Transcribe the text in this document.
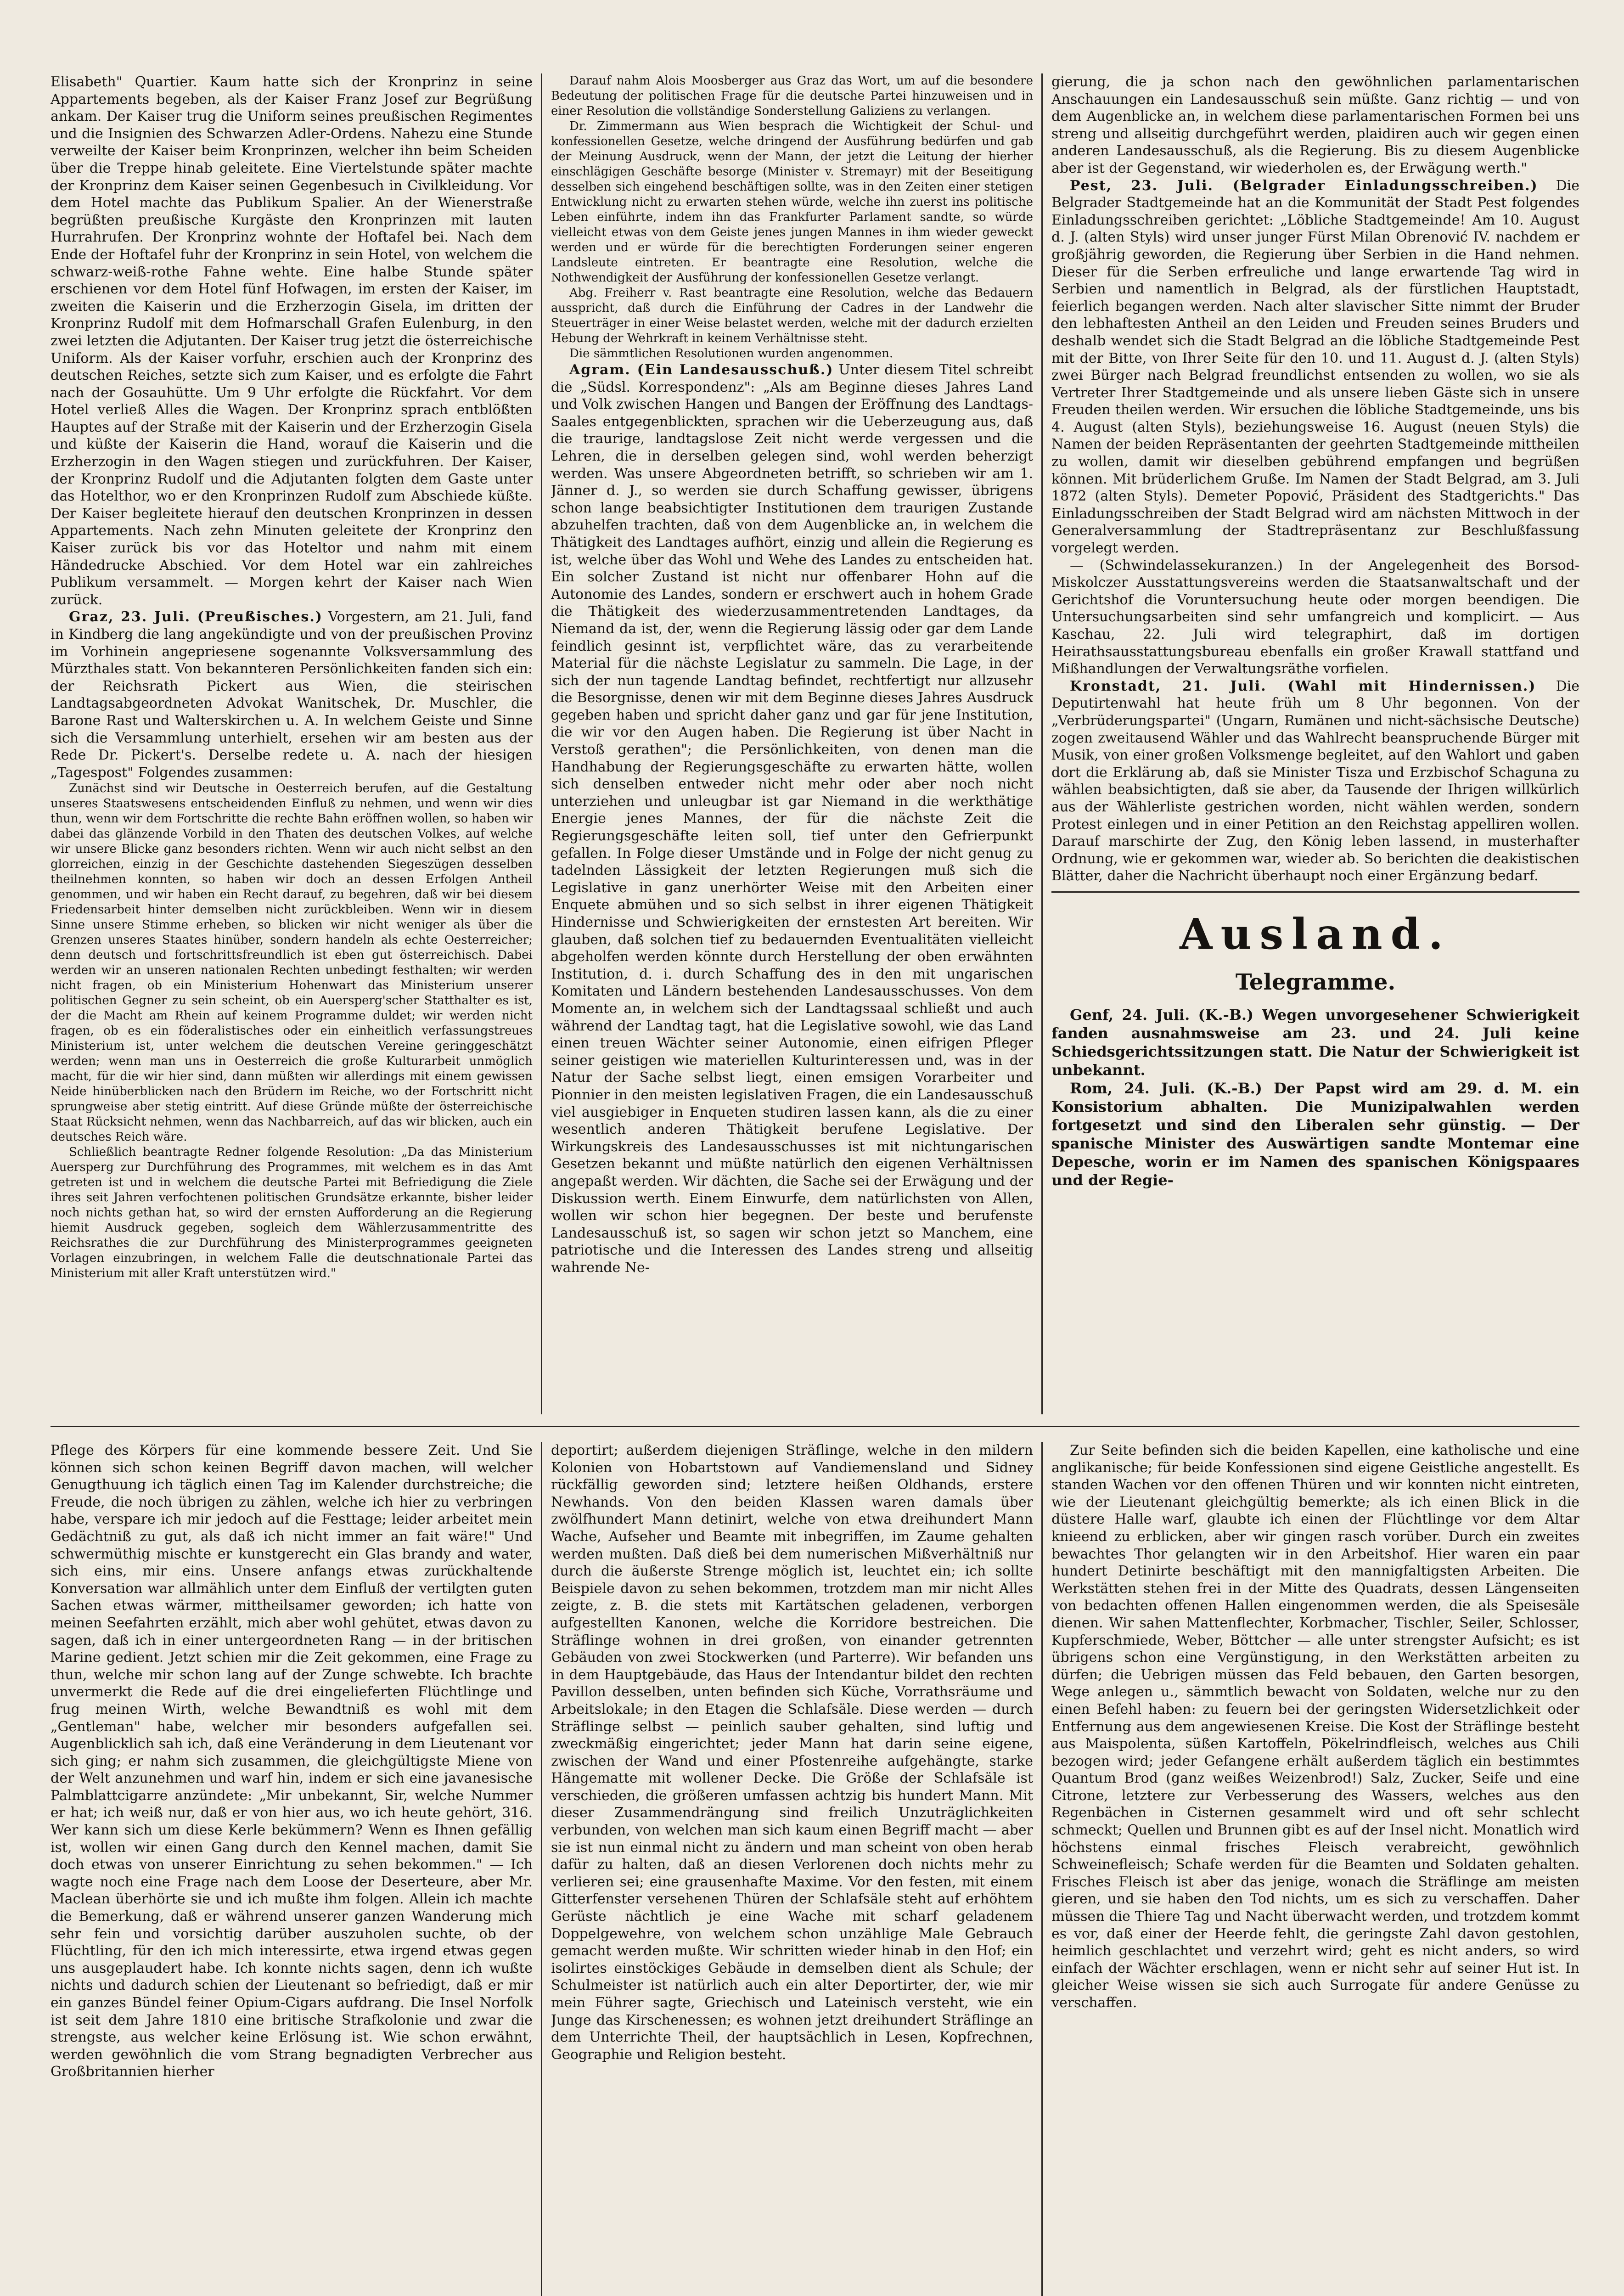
Elisabeth" Quartier. Kaum hatte sich der Kronprinz in seine Appartements begeben, als der Kaiser Franz Josef zur Begrüßung ankam. Der Kaiser trug die Uniform seines preußischen Regimentes und die Insignien des Schwarzen Adler-Ordens. Nahezu eine Stunde verweilte der Kaiser beim Kronprinzen, welcher ihn beim Scheiden über die Treppe hinab geleitete. Eine Viertelstunde später machte der Kronprinz dem Kaiser seinen Gegenbesuch in Civilkleidung. Vor dem Hotel machte das Publikum Spalier. An der Wienerstraße begrüßten preußische Kurgäste den Kronprinzen mit lauten Hurrahrufen. Der Kronprinz wohnte der Hoftafel bei. Nach dem Ende der Hoftafel fuhr der Kronprinz in sein Hotel, von welchem die schwarz-weiß-rothe Fahne wehte. Eine halbe Stunde später erschienen vor dem Hotel fünf Hofwagen, im ersten der Kaiser, im zweiten die Kaiserin und die Erzherzogin Gisela, im dritten der Kronprinz Rudolf mit dem Hofmarschall Grafen Eulenburg, in den zwei letzten die Adjutanten. Der Kaiser trug jetzt die österreichische Uniform. Als der Kaiser vorfuhr, erschien auch der Kronprinz des deutschen Reiches, setzte sich zum Kaiser, und es erfolgte die Fahrt nach der Gosauhütte. Um 9 Uhr erfolgte die Rückfahrt. Vor dem Hotel verließ Alles die Wagen. Der Kronprinz sprach entblößten Hauptes auf der Straße mit der Kaiserin und der Erzherzogin Gisela und küßte der Kaiserin die Hand, worauf die Kaiserin und die Erzherzogin in den Wagen stiegen und zurückfuhren. Der Kaiser, der Kronprinz Rudolf und die Adjutanten folgten dem Gaste unter das Hotelthor, wo er den Kronprinzen Rudolf zum Abschiede küßte. Der Kaiser begleitete hierauf den deutschen Kronprinzen in dessen Appartements. Nach zehn Minuten geleitete der Kronprinz den Kaiser zurück bis vor das Hoteltor und nahm mit einem Händedrucke Abschied. Vor dem Hotel war ein zahlreiches Publikum versammelt. — Morgen kehrt der Kaiser nach Wien zurück.

Graz, 23. Juli. (Preußisches.) Vorgestern, am 21. Juli, fand in Kindberg die lang angekündigte und von der preußischen Provinz im Vorhinein angepriesene sogenannte Volksversammlung des Mürzthales statt. Von bekannteren Persönlichkeiten fanden sich ein: der Reichsrath Pickert aus Wien, die steirischen Landtagsabgeordneten Advokat Wanitschek, Dr. Muschler, die Barone Rast und Walterskirchen u. A. In welchem Geiste und Sinne sich die Versammlung unterhielt, ersehen wir am besten aus der Rede Dr. Pickert's. Derselbe redete u. A. nach der hiesigen „Tagespost" Folgendes zusammen:

Zunächst sind wir Deutsche in Oesterreich berufen, auf die Gestaltung unseres Staatswesens entscheidenden Einfluß zu nehmen, und wenn wir dies thun, wenn wir dem Fortschritte die rechte Bahn eröffnen wollen, so haben wir dabei das glänzende Vorbild in den Thaten des deutschen Volkes, auf welche wir unsere Blicke ganz besonders richten. Wenn wir auch nicht selbst an den glorreichen, einzig in der Geschichte dastehenden Siegeszügen desselben theilnehmen konnten, so haben wir doch an dessen Erfolgen Antheil genommen, und wir haben ein Recht darauf, zu begehren, daß wir bei diesem Friedensarbeit hinter demselben nicht zurückbleiben. Wenn wir in diesem Sinne unsere Stimme erheben, so blicken wir nicht weniger als über die Grenzen unseres Staates hinüber, sondern handeln als echte Oesterreicher; denn deutsch und fortschrittsfreundlich ist eben gut österreichisch. Dabei werden wir an unseren nationalen Rechten unbedingt festhalten; wir werden nicht fragen, ob ein Ministerium Hohenwart das Ministerium unserer politischen Gegner zu sein scheint, ob ein Auersperg'scher Statthalter es ist, der die Macht am Rhein auf keinem Programme duldet; wir werden nicht fragen, ob es ein föderalistisches oder ein einheitlich verfassungstreues Ministerium ist, unter welchem die deutschen Vereine geringgeschätzt werden; wenn man uns in Oesterreich die große Kulturarbeit unmöglich macht, für die wir hier sind, dann müßten wir allerdings mit einem gewissen Neide hinüberblicken nach den Brüdern im Reiche, wo der Fortschritt nicht sprungweise aber stetig eintritt. Auf diese Gründe müßte der österreichische Staat Rücksicht nehmen, wenn das Nachbarreich, auf das wir blicken, auch ein deutsches Reich wäre.

Schließlich beantragte Redner folgende Resolution: „Da das Ministerium Auersperg zur Durchführung des Programmes, mit welchem es in das Amt getreten ist und in welchem die deutsche Partei mit Befriedigung die Ziele ihres seit Jahren verfochtenen politischen Grundsätze erkannte, bisher leider noch nichts gethan hat, so wird der ernsten Aufforderung an die Regierung hiemit Ausdruck gegeben, sogleich dem Wählerzusammentritte des Reichsrathes die zur Durchführung des Ministerprogrammes geeigneten Vorlagen einzubringen, in welchem Falle die deutschnationale Partei das Ministerium mit aller Kraft unterstützen wird."

Darauf nahm Alois Moosberger aus Graz das Wort, um auf die besondere Bedeutung der politischen Frage für die deutsche Partei hinzuweisen und in einer Resolution die vollständige Sonderstellung Galiziens zu verlangen.

Dr. Zimmermann aus Wien besprach die Wichtigkeit der Schul- und konfessionellen Gesetze, welche dringend der Ausführung bedürfen und gab der Meinung Ausdruck, wenn der Mann, der jetzt die Leitung der hierher einschlägigen Geschäfte besorge (Minister v. Stremayr) mit der Beseitigung desselben sich eingehend beschäftigen sollte, was in den Zeiten einer stetigen Entwicklung nicht zu erwarten stehen würde, welche ihn zuerst ins politische Leben einführte, indem ihn das Frankfurter Parlament sandte, so würde vielleicht etwas von dem Geiste jenes jungen Mannes in ihm wieder geweckt werden und er würde für die berechtigten Forderungen seiner engeren Landsleute eintreten. Er beantragte eine Resolution, welche die Nothwendigkeit der Ausführung der konfessionellen Gesetze verlangt.

Abg. Freiherr v. Rast beantragte eine Resolution, welche das Bedauern ausspricht, daß durch die Einführung der Cadres in der Landwehr die Steuerträger in einer Weise belastet werden, welche mit der dadurch erzielten Hebung der Wehrkraft in keinem Verhältnisse steht.

Die sämmtlichen Resolutionen wurden angenommen.

Agram. (Ein Landesausschuß.) Unter diesem Titel schreibt die „Südsl. Korrespondenz": „Als am Beginne dieses Jahres Land und Volk zwischen Hangen und Bangen der Eröffnung des Landtags-Saales entgegenblickten, sprachen wir die Ueberzeugung aus, daß die traurige, landtagslose Zeit nicht werde vergessen und die Lehren, die in derselben gelegen sind, wohl werden beherzigt werden. Was unsere Abgeordneten betrifft, so schrieben wir am 1. Jänner d. J., so werden sie durch Schaffung gewisser, übrigens schon lange beabsichtigter Institutionen dem traurigen Zustande abzuhelfen trachten, daß von dem Augenblicke an, in welchem die Thätigkeit des Landtages aufhört, einzig und allein die Regierung es ist, welche über das Wohl und Wehe des Landes zu entscheiden hat. Ein solcher Zustand ist nicht nur offenbarer Hohn auf die Autonomie des Landes, sondern er erschwert auch in hohem Grade die Thätigkeit des wiederzusammentretenden Landtages, da Niemand da ist, der, wenn die Regierung lässig oder gar dem Lande feindlich gesinnt ist, verpflichtet wäre, das zu verarbeitende Material für die nächste Legislatur zu sammeln. Die Lage, in der sich der nun tagende Landtag befindet, rechtfertigt nur allzusehr die Besorgnisse, denen wir mit dem Beginne dieses Jahres Ausdruck gegeben haben und spricht daher ganz und gar für jene Institution, die wir vor den Augen haben. Die Regierung ist über Nacht in Verstoß gerathen"; die Persönlichkeiten, von denen man die Handhabung der Regierungsgeschäfte zu erwarten hätte, wollen sich denselben entweder nicht mehr oder aber noch nicht unterziehen und unleugbar ist gar Niemand in die werkthätige Energie jenes Mannes, der für die nächste Zeit die Regierungsgeschäfte leiten soll, tief unter den Gefrierpunkt gefallen. In Folge dieser Umstände und in Folge der nicht genug zu tadelnden Lässigkeit der letzten Regierungen muß sich die Legislative in ganz unerhörter Weise mit den Arbeiten einer Enquete abmühen und so sich selbst in ihrer eigenen Thätigkeit Hindernisse und Schwierigkeiten der ernstesten Art bereiten. Wir glauben, daß solchen tief zu bedauernden Eventualitäten vielleicht abgeholfen werden könnte durch Herstellung der oben erwähnten Institution, d. i. durch Schaffung des in den mit ungarischen Komitaten und Ländern bestehenden Landesausschusses. Von dem Momente an, in welchem sich der Landtagssaal schließt und auch während der Landtag tagt, hat die Legislative sowohl, wie das Land einen treuen Wächter seiner Autonomie, einen eifrigen Pfleger seiner geistigen wie materiellen Kulturinteressen und, was in der Natur der Sache selbst liegt, einen emsigen Vorarbeiter und Pionnier in den meisten legislativen Fragen, die ein Landesausschuß viel ausgiebiger in Enqueten studiren lassen kann, als die zu einer wesentlich anderen Thätigkeit berufene Legislative. Der Wirkungskreis des Landesausschusses ist mit nichtungarischen Gesetzen bekannt und müßte natürlich den eigenen Verhältnissen angepaßt werden. Wir dächten, die Sache sei der Erwägung und der Diskussion werth. Einem Einwurfe, dem natürlichsten von Allen, wollen wir schon hier begegnen. Der beste und berufenste Landesausschuß ist, so sagen wir schon jetzt so Manchem, eine patriotische und die Interessen des Landes streng und allseitig wahrende Ne-

gierung, die ja schon nach den gewöhnlichen parlamentarischen Anschauungen ein Landesausschuß sein müßte. Ganz richtig — und von dem Augenblicke an, in welchem diese parlamentarischen Formen bei uns streng und allseitig durchgeführt werden, plaidiren auch wir gegen einen anderen Landesausschuß, als die Regierung. Bis zu diesem Augenblicke aber ist der Gegenstand, wir wiederholen es, der Erwägung werth."

Pest, 23. Juli. (Belgrader Einladungsschreiben.) Die Belgrader Stadtgemeinde hat an die Kommunität der Stadt Pest folgendes Einladungsschreiben gerichtet: „Löbliche Stadtgemeinde! Am 10. August d. J. (alten Styls) wird unser junger Fürst Milan Obrenović IV. nachdem er großjährig geworden, die Regierung über Serbien in die Hand nehmen. Dieser für die Serben erfreuliche und lange erwartende Tag wird in Serbien und namentlich in Belgrad, als der fürstlichen Hauptstadt, feierlich begangen werden. Nach alter slavischer Sitte nimmt der Bruder den lebhaftesten Antheil an den Leiden und Freuden seines Bruders und deshalb wendet sich die Stadt Belgrad an die löbliche Stadtgemeinde Pest mit der Bitte, von Ihrer Seite für den 10. und 11. August d. J. (alten Styls) zwei Bürger nach Belgrad freundlichst entsenden zu wollen, wo sie als Vertreter Ihrer Stadtgemeinde und als unsere lieben Gäste sich in unsere Freuden theilen werden. Wir ersuchen die löbliche Stadtgemeinde, uns bis 4. August (alten Styls), beziehungsweise 16. August (neuen Styls) die Namen der beiden Repräsentanten der geehrten Stadtgemeinde mittheilen zu wollen, damit wir dieselben gebührend empfangen und begrüßen können. Mit brüderlichem Gruße. Im Namen der Stadt Belgrad, am 3. Juli 1872 (alten Styls). Demeter Popović, Präsident des Stadtgerichts." Das Einladungsschreiben der Stadt Belgrad wird am nächsten Mittwoch in der Generalversammlung der Stadtrepräsentanz zur Beschlußfassung vorgelegt werden.

— (Schwindelassekuranzen.) In der Angelegenheit des Borsod-Miskolczer Ausstattungsvereins werden die Staatsanwaltschaft und der Gerichtshof die Voruntersuchung heute oder morgen beendigen. Die Untersuchungsarbeiten sind sehr umfangreich und komplicirt. — Aus Kaschau, 22. Juli wird telegraphirt, daß im dortigen Heirathsausstattungsbureau ebenfalls ein großer Krawall stattfand und Mißhandlungen der Verwaltungsräthe vorfielen.

Kronstadt, 21. Juli. (Wahl mit Hindernissen.) Die Deputirtenwahl hat heute früh um 8 Uhr begonnen. Von der „Verbrüderungspartei" (Ungarn, Rumänen und nicht-sächsische Deutsche) zogen zweitausend Wähler und das Wahlrecht beanspruchende Bürger mit Musik, von einer großen Volksmenge begleitet, auf den Wahlort und gaben dort die Erklärung ab, daß sie Minister Tisza und Erzbischof Schaguna zu wählen beabsichtigten, daß sie aber, da Tausende der Ihrigen willkürlich aus der Wählerliste gestrichen worden, nicht wählen werden, sondern Protest einlegen und in einer Petition an den Reichstag appelliren wollen. Darauf marschirte der Zug, den König leben lassend, in musterhafter Ordnung, wie er gekommen war, wieder ab. So berichten die deakistischen Blätter, daher die Nachricht überhaupt noch einer Ergänzung bedarf.

Ausland.

Telegramme.

Genf, 24. Juli. (K.-B.) Wegen unvorgesehener Schwierigkeit fanden ausnahmsweise am 23. und 24. Juli keine Schiedsgerichtssitzungen statt. Die Natur der Schwierigkeit ist unbekannt.

Rom, 24. Juli. (K.-B.) Der Papst wird am 29. d. M. ein Konsistorium abhalten. Die Munizipalwahlen werden fortgesetzt und sind den Liberalen sehr günstig. — Der spanische Minister des Auswärtigen sandte Montemar eine Depesche, worin er im Namen des spanischen Königspaares und der Regie-

Pflege des Körpers für eine kommende bessere Zeit. Und Sie können sich schon keinen Begriff davon machen, will welcher Genugthuung ich täglich einen Tag im Kalender durchstreiche; die Freude, die noch übrigen zu zählen, welche ich hier zu verbringen habe, verspare ich mir jedoch auf die Festtage; leider arbeitet mein Gedächtniß zu gut, als daß ich nicht immer an fait wäre!" Und schwermüthig mischte er kunstgerecht ein Glas brandy and water, sich eins, mir eins. Unsere anfangs etwas zurückhaltende Konversation war allmählich unter dem Einfluß der vertilgten guten Sachen etwas wärmer, mittheilsamer geworden; ich hatte von meinen Seefahrten erzählt, mich aber wohl gehütet, etwas davon zu sagen, daß ich in einer untergeordneten Rang — in der britischen Marine gedient. Jetzt schien mir die Zeit gekommen, eine Frage zu thun, welche mir schon lang auf der Zunge schwebte. Ich brachte unvermerkt die Rede auf die drei eingelieferten Flüchtlinge und frug meinen Wirth, welche Bewandtniß es wohl mit dem „Gentleman" habe, welcher mir besonders aufgefallen sei. Augenblicklich sah ich, daß eine Veränderung in dem Lieutenant vor sich ging; er nahm sich zusammen, die gleichgültigste Miene von der Welt anzunehmen und warf hin, indem er sich eine javanesische Palmblattcigarre anzündete: „Mir unbekannt, Sir, welche Nummer er hat; ich weiß nur, daß er von hier aus, wo ich heute gehört, 316. Wer kann sich um diese Kerle bekümmern? Wenn es Ihnen gefällig ist, wollen wir einen Gang durch den Kennel machen, damit Sie doch etwas von unserer Einrichtung zu sehen bekommen." — Ich wagte noch eine Frage nach dem Loose der Deserteure, aber Mr. Maclean überhörte sie und ich mußte ihm folgen. Allein ich machte die Bemerkung, daß er während unserer ganzen Wanderung mich sehr fein und vorsichtig darüber auszuholen suchte, ob der Flüchtling, für den ich mich interessirte, etwa irgend etwas gegen uns ausgeplaudert habe. Ich konnte nichts sagen, denn ich wußte nichts und dadurch schien der Lieutenant so befriedigt, daß er mir ein ganzes Bündel feiner Opium-Cigars aufdrang. Die Insel Norfolk ist seit dem Jahre 1810 eine britische Strafkolonie und zwar die strengste, aus welcher keine Erlösung ist. Wie schon erwähnt, werden gewöhnlich die vom Strang begnadigten Verbrecher aus Großbritannien hierher

deportirt; außerdem diejenigen Sträflinge, welche in den mildern Kolonien von Hobartstown auf Vandiemensland und Sidney rückfällig geworden sind; letztere heißen Oldhands, erstere Newhands. Von den beiden Klassen waren damals über zwölfhundert Mann detinirt, welche von etwa dreihundert Mann Wache, Aufseher und Beamte mit inbegriffen, im Zaume gehalten werden mußten. Daß dieß bei dem numerischen Mißverhältniß nur durch die äußerste Strenge möglich ist, leuchtet ein; ich sollte Beispiele davon zu sehen bekommen, trotzdem man mir nicht Alles zeigte, z. B. die stets mit Kartätschen geladenen, verborgen aufgestellten Kanonen, welche die Korridore bestreichen. Die Sträflinge wohnen in drei großen, von einander getrennten Gebäuden von zwei Stockwerken (und Parterre). Wir befanden uns in dem Hauptgebäude, das Haus der Intendantur bildet den rechten Pavillon desselben, unten befinden sich Küche, Vorrathsräume und Arbeitslokale; in den Etagen die Schlafsäle. Diese werden — durch Sträflinge selbst — peinlich sauber gehalten, sind luftig und zweckmäßig eingerichtet; jeder Mann hat darin seine eigene, zwischen der Wand und einer Pfostenreihe aufgehängte, starke Hängematte mit wollener Decke. Die Größe der Schlafsäle ist verschieden, die größeren umfassen achtzig bis hundert Mann. Mit dieser Zusammendrängung sind freilich Unzuträglichkeiten verbunden, von welchen man sich kaum einen Begriff macht — aber sie ist nun einmal nicht zu ändern und man scheint von oben herab dafür zu halten, daß an diesen Verlorenen doch nichts mehr zu verlieren sei; eine grausenhafte Maxime. Vor den festen, mit einem Gitterfenster versehenen Thüren der Schlafsäle steht auf erhöhtem Gerüste nächtlich je eine Wache mit scharf geladenem Doppelgewehre, von welchem schon unzählige Male Gebrauch gemacht werden mußte. Wir schritten wieder hinab in den Hof; ein isolirtes einstöckiges Gebäude in demselben dient als Schule; der Schulmeister ist natürlich auch ein alter Deportirter, der, wie mir mein Führer sagte, Griechisch und Lateinisch versteht, wie ein Junge das Kirschenessen; es wohnen jetzt dreihundert Sträflinge an dem Unterrichte Theil, der hauptsächlich in Lesen, Kopfrechnen, Geographie und Religion besteht.

Zur Seite befinden sich die beiden Kapellen, eine katholische und eine anglikanische; für beide Konfessionen sind eigene Geistliche angestellt. Es standen Wachen vor den offenen Thüren und wir konnten nicht eintreten, wie der Lieutenant gleichgültig bemerkte; als ich einen Blick in die düstere Halle warf, glaubte ich einen der Flüchtlinge vor dem Altar knieend zu erblicken, aber wir gingen rasch vorüber. Durch ein zweites bewachtes Thor gelangten wir in den Arbeitshof. Hier waren ein paar hundert Detinirte beschäftigt mit den mannigfaltigsten Arbeiten. Die Werkstätten stehen frei in der Mitte des Quadrats, dessen Längenseiten von bedachten offenen Hallen eingenommen werden, die als Speisesäle dienen. Wir sahen Mattenflechter, Korbmacher, Tischler, Seiler, Schlosser, Kupferschmiede, Weber, Böttcher — alle unter strengster Aufsicht; es ist übrigens schon eine Vergünstigung, in den Werkstätten arbeiten zu dürfen; die Uebrigen müssen das Feld bebauen, den Garten besorgen, Wege anlegen u., sämmtlich bewacht von Soldaten, welche nur zu den einen Befehl haben: zu feuern bei der geringsten Widersetzlichkeit oder Entfernung aus dem angewiesenen Kreise. Die Kost der Sträflinge besteht aus Maispolenta, süßen Kartoffeln, Pökelrindfleisch, welches aus Chili bezogen wird; jeder Gefangene erhält außerdem täglich ein bestimmtes Quantum Brod (ganz weißes Weizenbrod!) Salz, Zucker, Seife und eine Citrone, letztere zur Verbesserung des Wassers, welches aus den Regenbächen in Cisternen gesammelt wird und oft sehr schlecht schmeckt; Quellen und Brunnen gibt es auf der Insel nicht. Monatlich wird höchstens einmal frisches Fleisch verabreicht, gewöhnlich Schweinefleisch; Schafe werden für die Beamten und Soldaten gehalten. Frisches Fleisch ist aber das jenige, wonach die Sträflinge am meisten gieren, und sie haben den Tod nichts, um es sich zu verschaffen. Daher müssen die Thiere Tag und Nacht überwacht werden, und trotzdem kommt es vor, daß einer der Heerde fehlt, die geringste Zahl davon gestohlen, heimlich geschlachtet und verzehrt wird; geht es nicht anders, so wird einfach der Wächter erschlagen, wenn er nicht sehr auf seiner Hut ist. In gleicher Weise wissen sie sich auch Surrogate für andere Genüsse zu verschaffen.
